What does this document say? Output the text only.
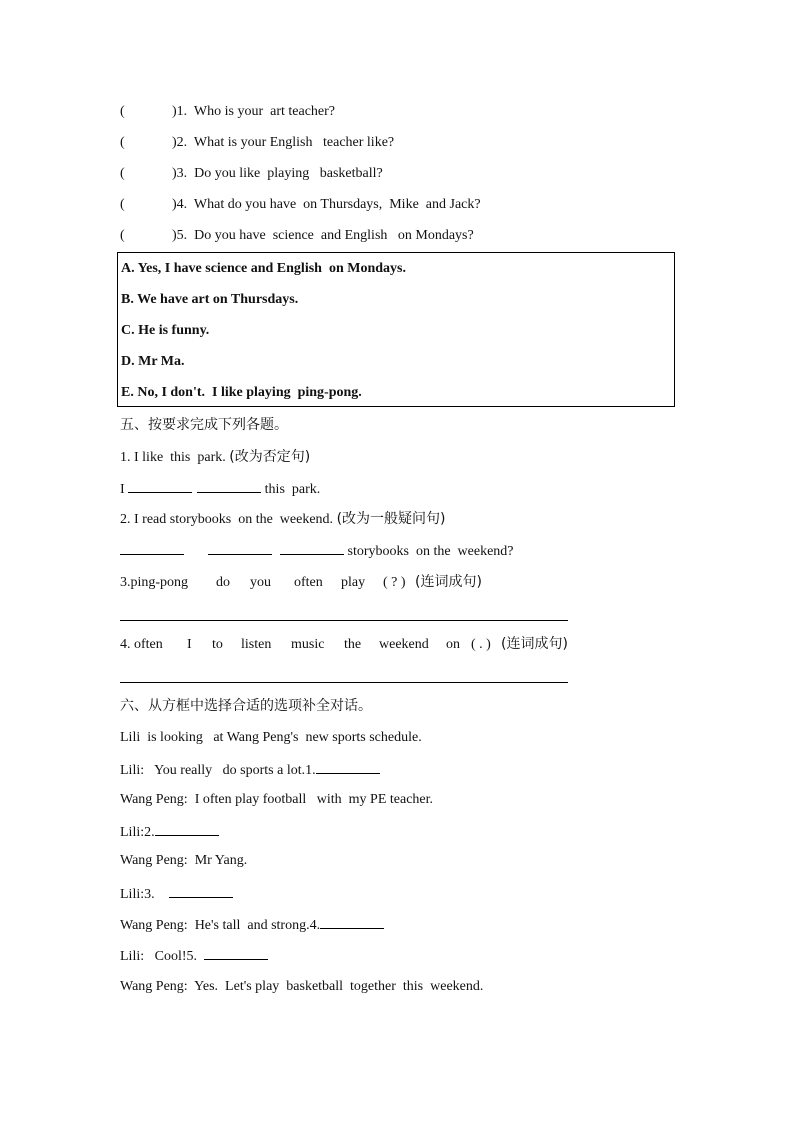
(	)1.  Who is your  art teacher?
(	)2.  What is your English   teacher like?
(	)3.  Do you like  playing   basketball?
(	)4.  What do you have  on Thursdays,  Mike  and Jack?
(	)5.  Do you have  science  and English   on Mondays?
A. Yes, I have science and English  on Mondays.
B. We have art on Thursdays.
C. He is funny.
D. Mr Ma.
E. No, I don't.  I like playing  ping-pong.
五、按要求完成下列各题。
1. I like  this  park. (改为否定句)
I	this  park.
2. I read storybooks  on the  weekend. (改为一般疑问句)
storybooks  on the  weekend?
3.ping-pong do you often play ( ? ) (连词成句)
4. often I to listen music the weekend on ( . ) (连词成句)
六、从方框中选择合适的选项补全对话。
Lili  is looking   at Wang Peng's  new sports schedule.
Lili:   You really   do sports a lot.1.
Wang Peng:  I often play football   with  my PE teacher.
Lili:2.
Wang Peng:  Mr Yang.
Lili:3.
Wang Peng:  He's tall  and strong.4.
Lili:   Cool!5.
Wang Peng:  Yes.  Let's play  basketball  together  this  weekend.
